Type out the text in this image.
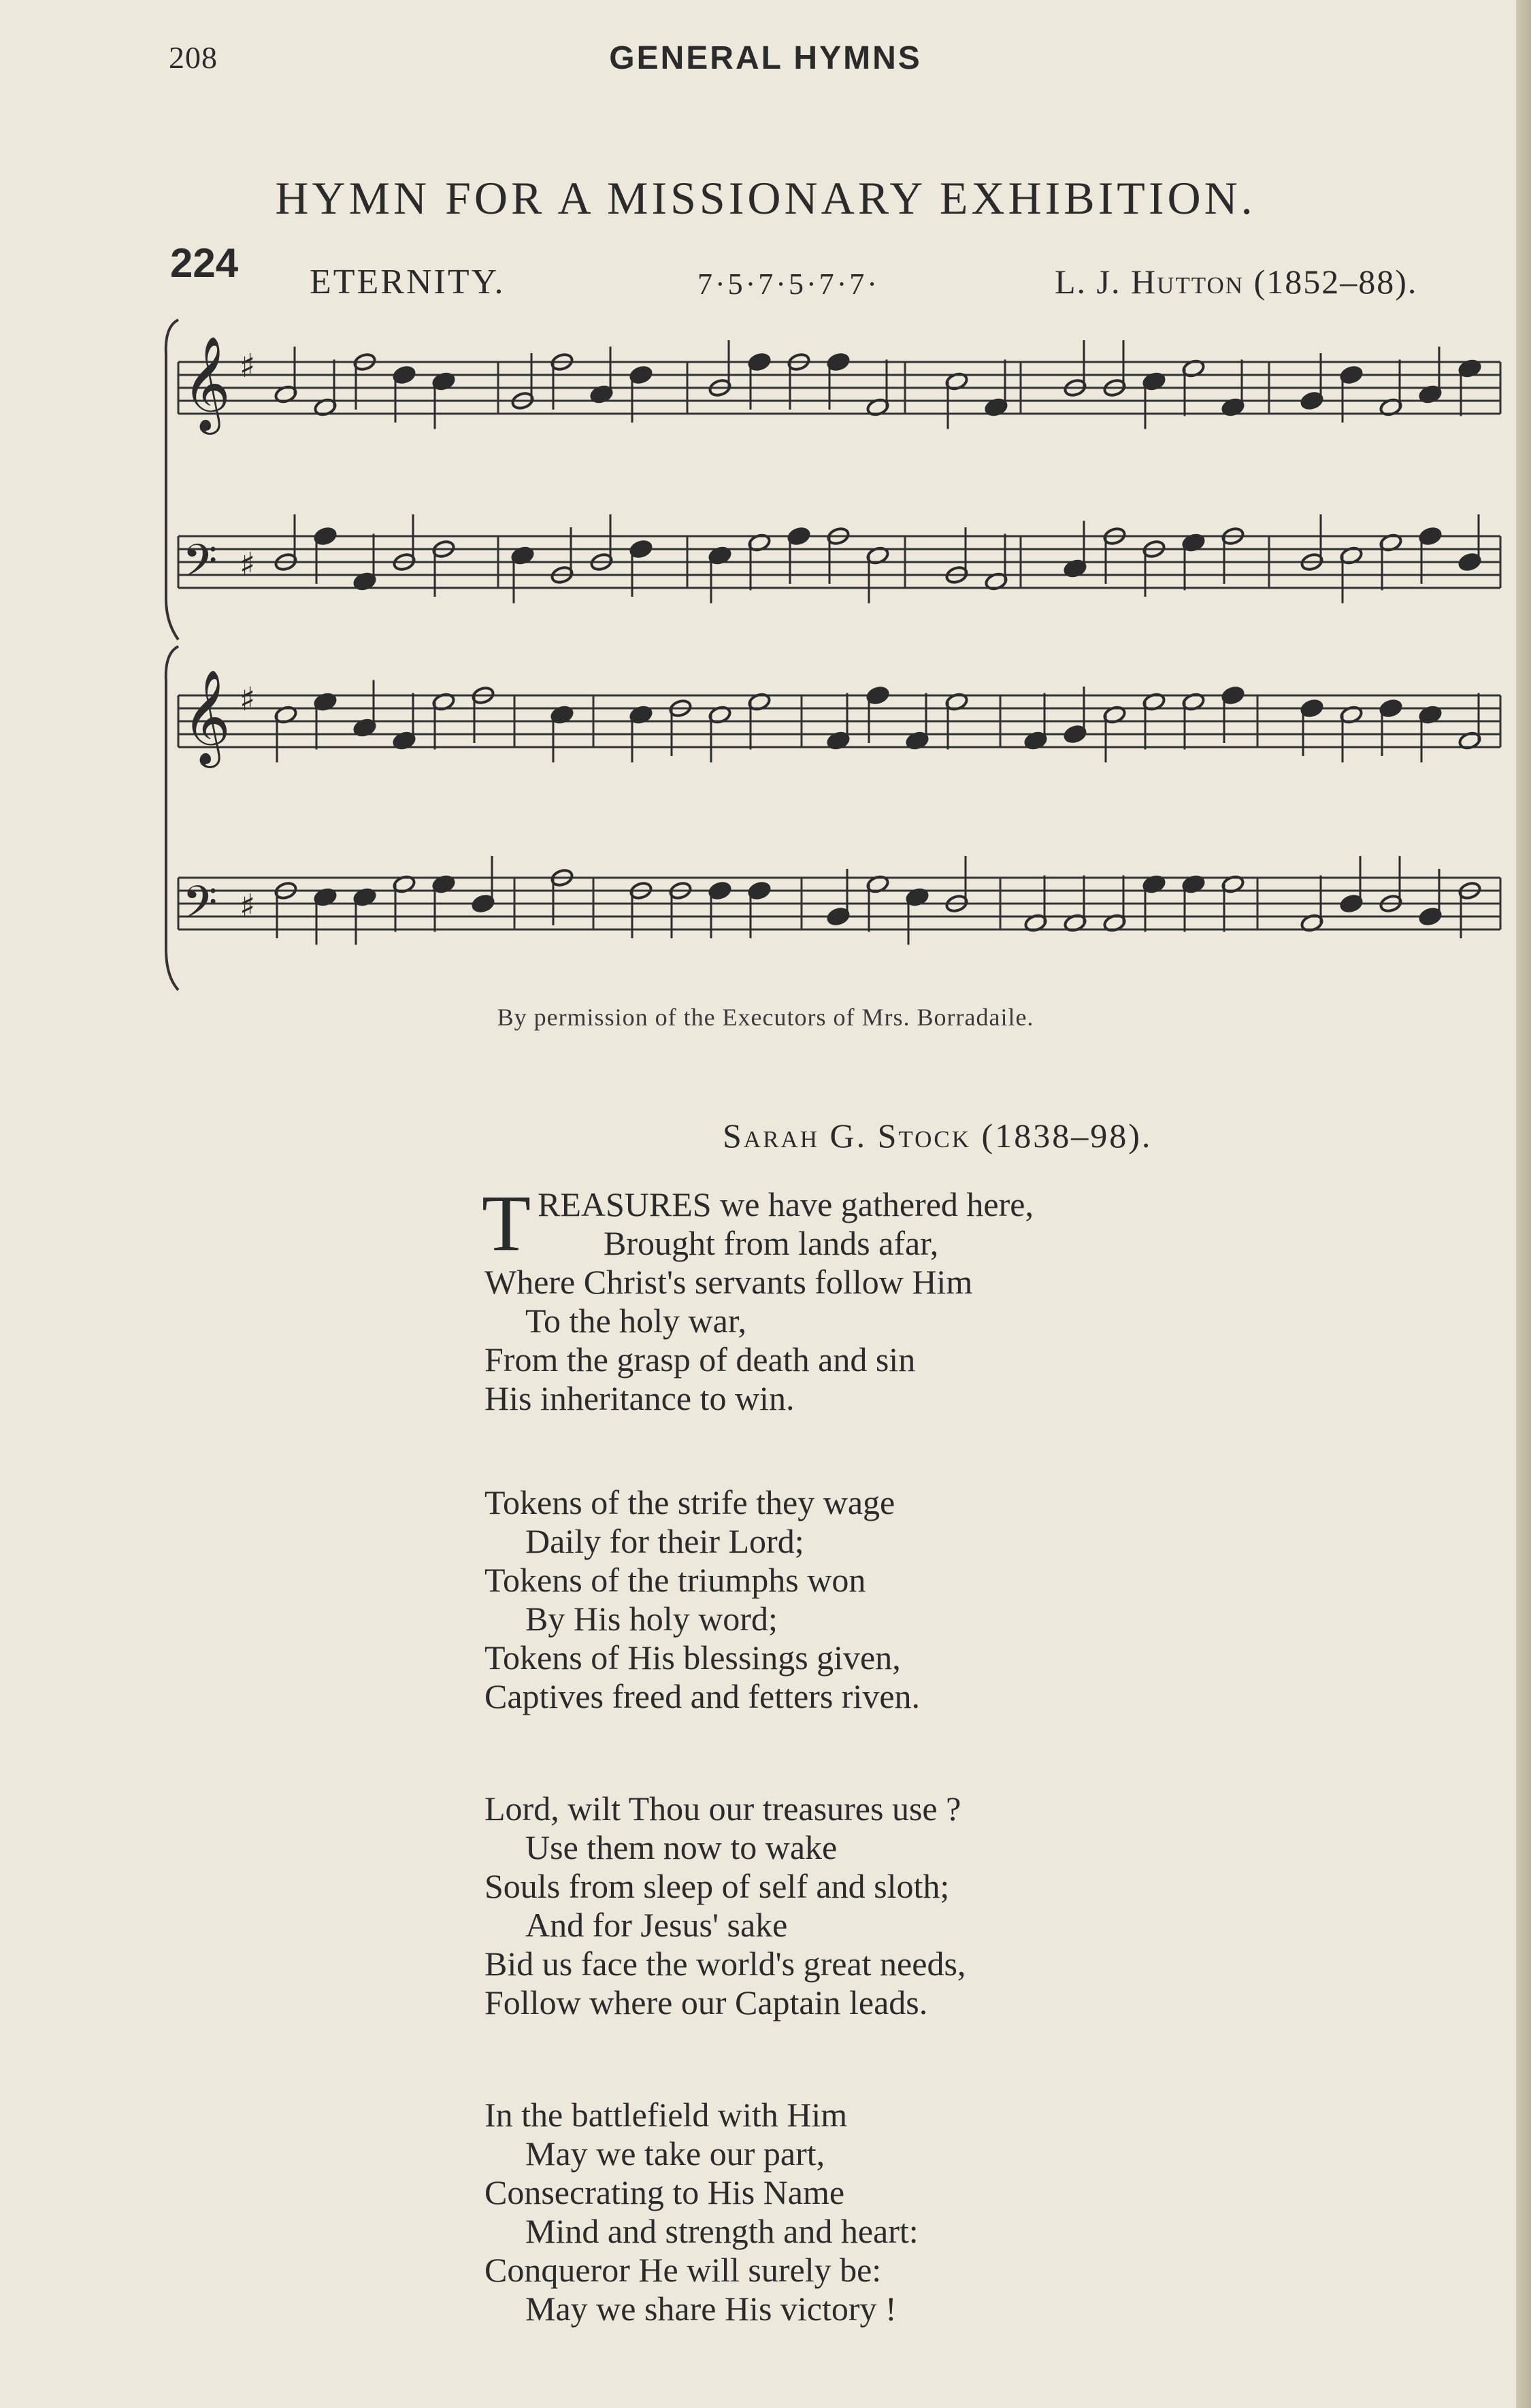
208	GENERAL HYMNS
HYMN FOR A MISSIONARY EXHIBITION.
224 ETERNITY.	7·5·7·5·7·7·	L. J. Hutton (1852–88).
𝄞 ♯
𝄢 ♯
𝄞 ♯
𝄢 ♯
By permission of the Executors of Mrs. Borradaile.
Sarah G. Stock (1838–98).
T REASURES we have gathered here,
Brought from lands afar,
Where Christ's servants follow Him
To the holy war,
From the grasp of death and sin
His inheritance to win.
Tokens of the strife they wage
Daily for their Lord;
Tokens of the triumphs won
By His holy word;
Tokens of His blessings given,
Captives freed and fetters riven.
Lord, wilt Thou our treasures use ?
Use them now to wake
Souls from sleep of self and sloth;
And for Jesus' sake
Bid us face the world's great needs,
Follow where our Captain leads.
In the battlefield with Him
May we take our part,
Consecrating to His Name
Mind and strength and heart:
Conqueror He will surely be:
May we share His victory !
